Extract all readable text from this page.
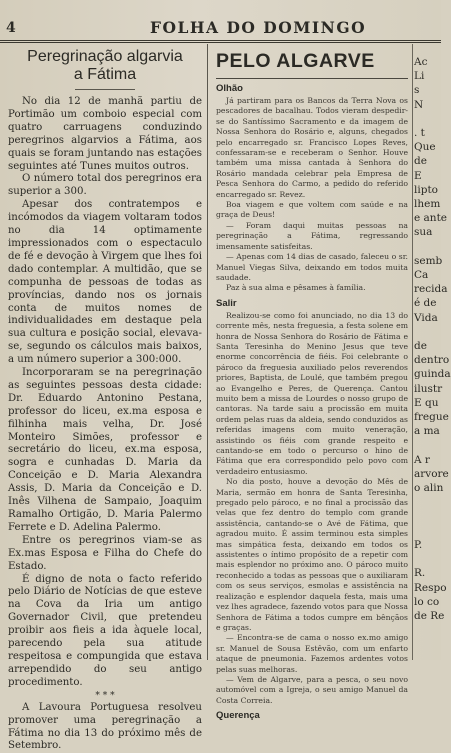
4	FOLHA DO DOMINGO
Peregrinação algarvia
a Fátima

No dia 12 de manhã partiu de Portimão um comboio especial com quatro carruagens conduzindo peregrinos algarvios a Fátima, aos quais se foram juntando nas estações seguintes até Tunes muitos outros.

O número total dos peregrinos era superior a 300.

Apesar dos contratempos e incómodos da viagem voltaram todos no dia 14 optimamente impressionados com o espectaculo de fé e devoção à Virgem que lhes foi dado contemplar. A multidão, que se compunha de pessoas de todas as províncias, dando nos os jornais conta de muitos nomes de individualidades em destaque pela sua cultura e posição social, elevava-se, segundo os cálculos mais baixos, a um número superior a 300:000.

Incorporaram se na peregrinação as seguintes pessoas desta cidade: Dr. Eduardo Antonino Pestana, professor do liceu, ex.ma esposa e filhinha mais velha, Dr. José Monteiro Simões, professor e secretário do liceu, ex.ma esposa, sogra e cunhadas D. Maria da Conceição e D. Maria Alexandra Assis, D. Maria da Conceição e D. Inês Vilhena de Sampaio, Joaquim Ramalho Ortigão, D. Maria Palermo Ferrete e D. Adelina Palermo.

Entre os peregrinos viam-se as Ex.mas Esposa e Filha do Chefe do Estado.

É digno de nota o facto referido pelo Diário de Notícias de que esteve na Cova da Iria um antigo Governador Civil, que pretendeu proibir aos fieis a ida àquele local, parecendo pela sua atitude respeitosa e compungida que estava arrependido do seu antigo procedimento.

* * *

A Lavoura Portuguesa resolveu promover uma peregrinação a Fátima no dia 13 do próximo mês de Setembro.

PELO ALGARVE
Olhão

Já partiram para os Bancos da Terra Nova os pescadores de bacalhau. Todos vieram despedir-se do Santíssimo Sacramento e da imagem de Nossa Senhora do Rosário e, alguns, chegados pelo encarregado sr. Francisco Lopes Reves, confessaram-se e receberam o Senhor. Houve também uma missa cantada à Senhora do Rosário mandada celebrar pela Empresa de Pesca Senhora do Carmo, a pedido do referido encarregado sr. Revez.

Boa viagem e que voltem com saúde e na graça de Deus!

— Foram daqui muitas pessoas na peregrinação a Fátima, regressando imensamente satisfeitas.

— Apenas com 14 dias de casado, faleceu o sr. Manuel Viegas Silva, deixando em todos muita saudade.

Paz à sua alma e pêsames à família.

Salir

Realizou-se como foi anunciado, no dia 13 do corrente mês, nesta freguesia, a festa solene em honra de Nossa Senhora do Rosário de Fátima e Santa Teresinha do Menino Jesus que teve enorme concorrência de fiéis. Foi celebrante o pároco da freguesia auxiliado pelos reverendos priores, Baptista, de Loulé, que também pregou ao Evangelho e Peres, de Querença. Cantou muito bem a missa de Lourdes o nosso grupo de cantoras. Na tarde saiu a procissão em muita ordem pelas ruas da aldeia, sendo conduzidos as referidas imagens com muito veneração, assistindo os fiéis com grande respeito e cantando-se em todo o percurso o hino de Fátima que era correspondido pelo povo com verdadeiro entusiasmo.

No dia posto, houve a devoção do Mês de Maria, sermão em honra de Santa Teresinha, pregado pelo pároco, e no final a procissão das velas que fez dentro do templo com grande assistência, cantando-se o Avé de Fátima, que agradou muito. É assim terminou esta simples mas simpática festa, deixando em todos os assistentes o íntimo propósito de a repetir com mais esplendor no próximo ano. O pároco muito reconhecido a todas as pessoas que o auxiliaram com os seus serviços, esmolas e assistência na realização e esplendor daquela festa, mais uma vez lhes agradece, fazendo votos para que Nossa Senhora de Fátima a todos cumpre em bênçãos e graças.

— Encontra-se de cama o nosso ex.mo amigo sr. Manuel de Sousa Estêvão, com um enfarto ataque de pneumonia. Fazemos ardentes votos pelas suas melhoras.

— Vem de Algarve, para a pesca, o seu novo automóvel com a Igreja, o seu amigo Manuel da Costa Correia.

Querença
Ac
Li
s
N

. t
Que
de
E
lipto
lhem
e ante
sua

semb
Ca
recida
é de
Vida

de
dentro
guinda
ilustr
E qu
fregue
a ma

A r
arvore
o alin

P.

R.
Respo
lo co
de Re
